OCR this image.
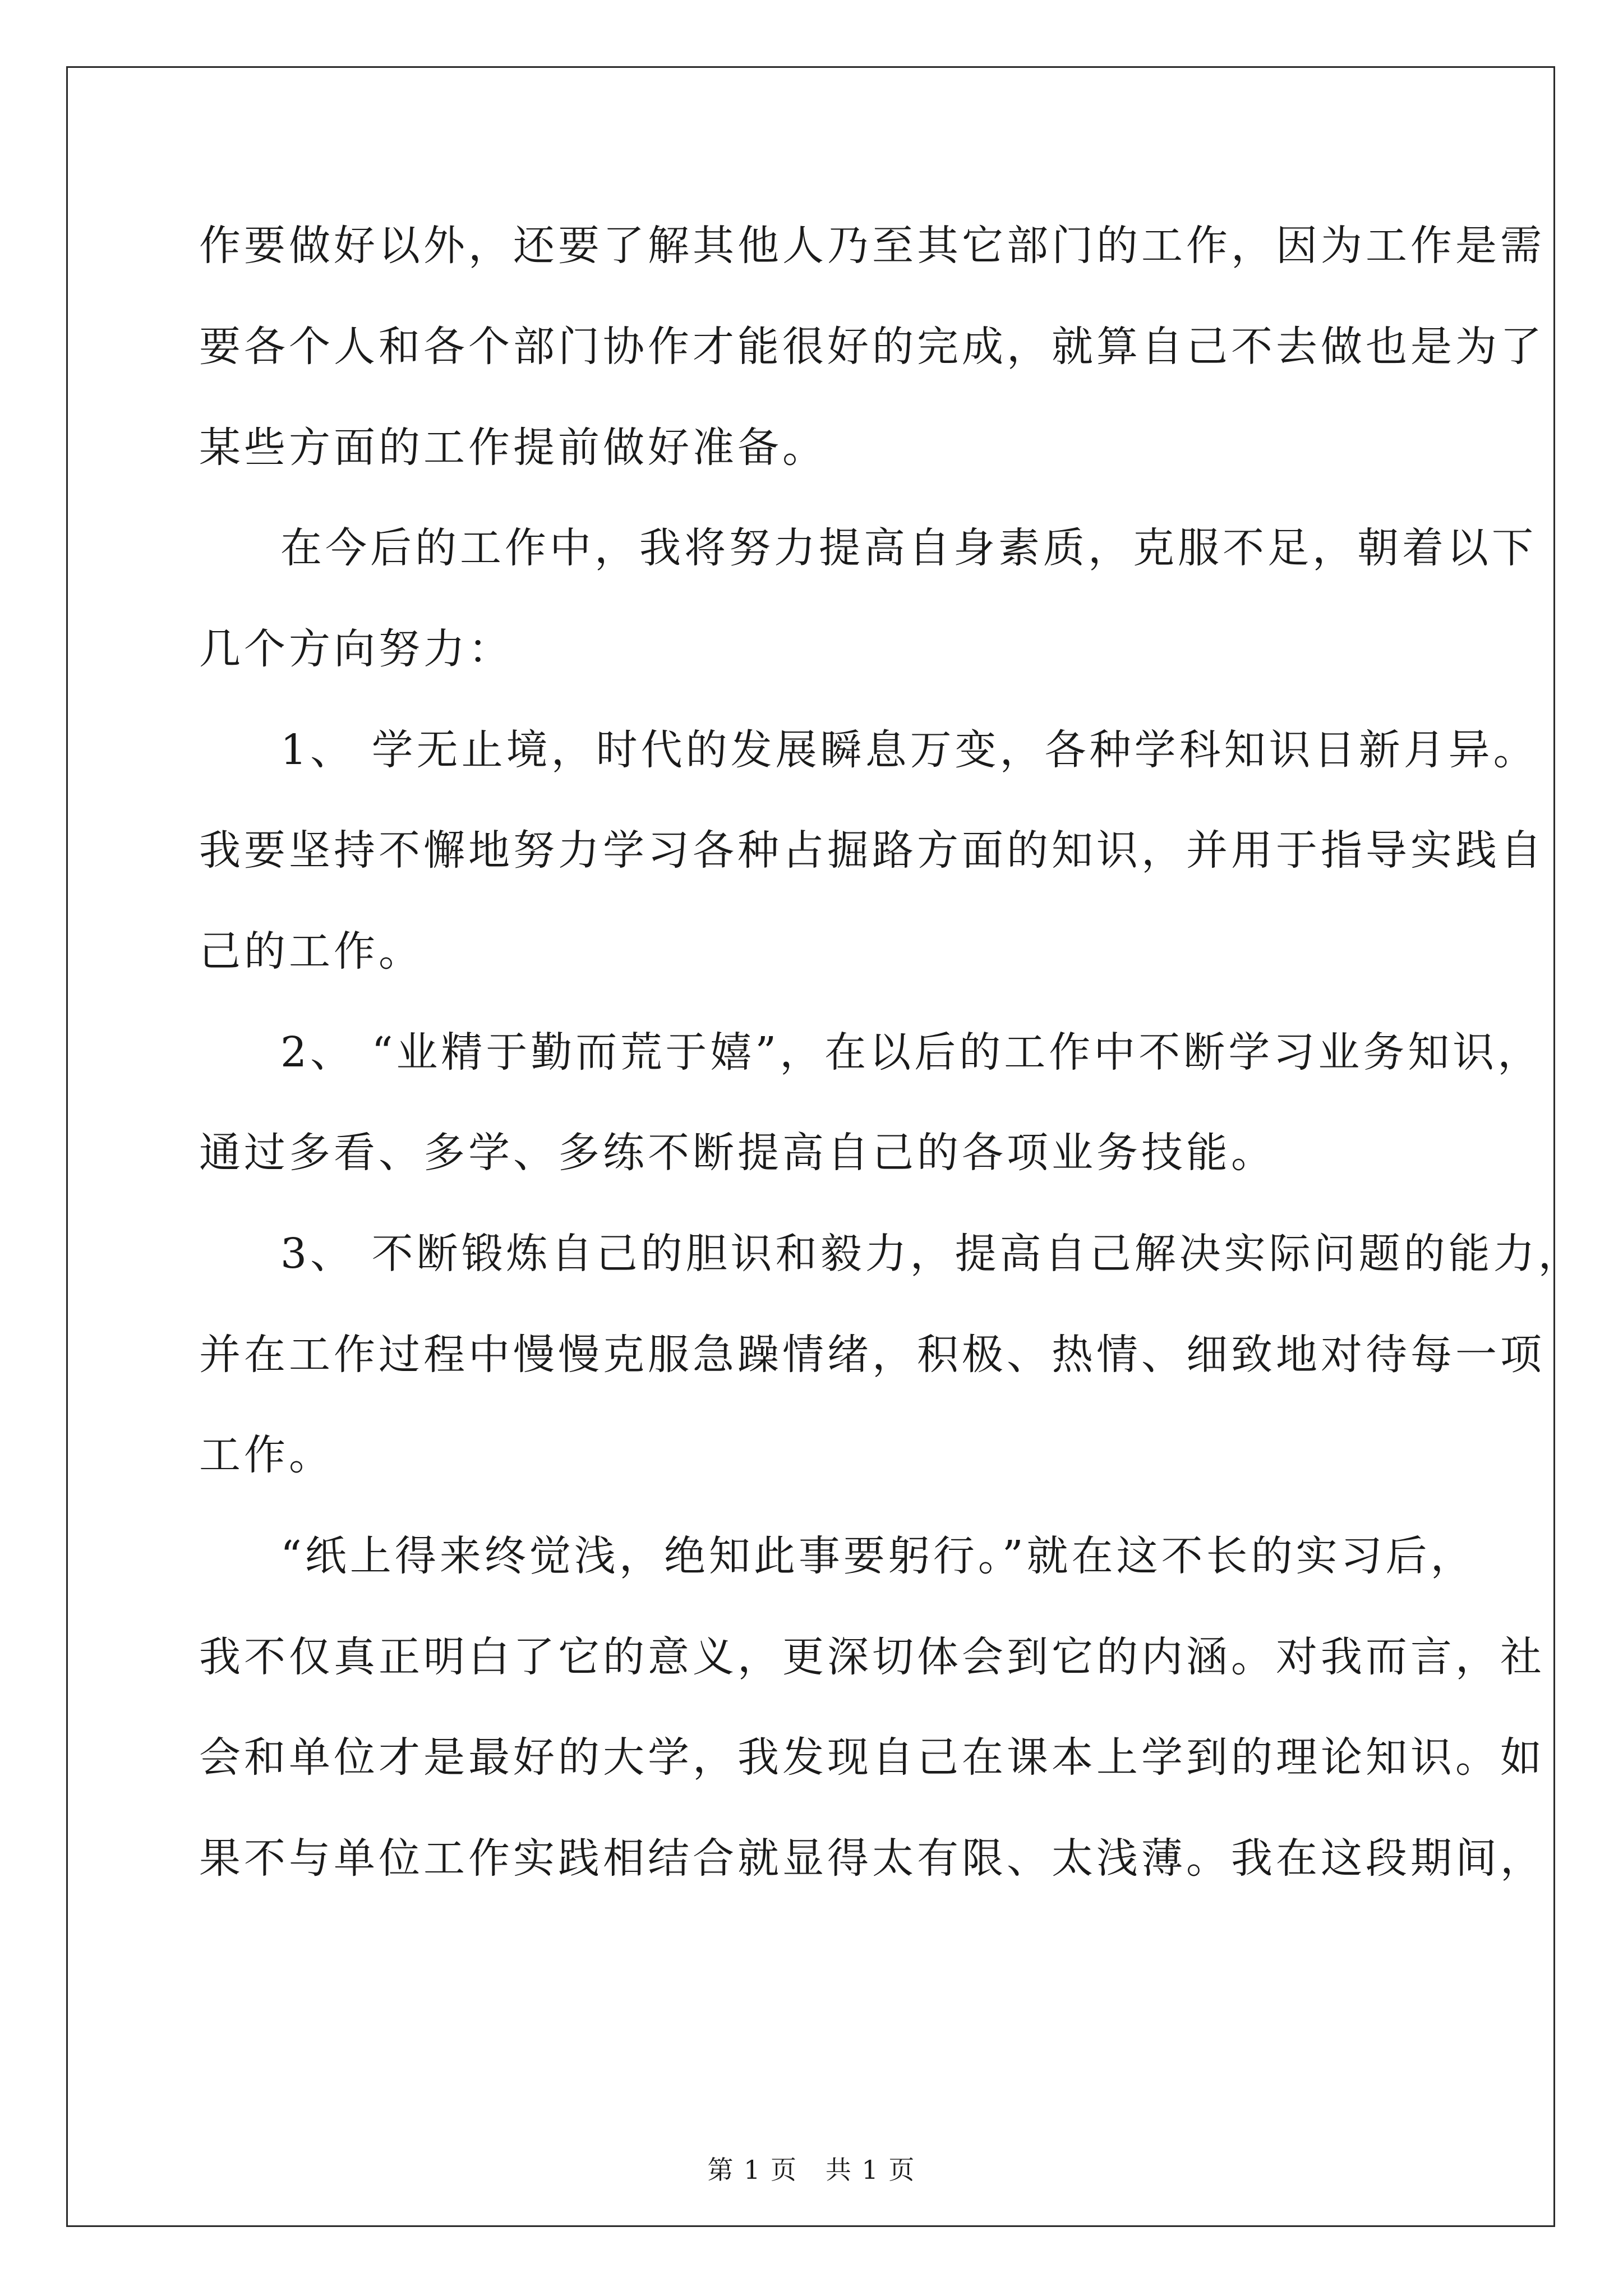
作要做好以外，还要了解其他人乃至其它部门的工作，因为工作是需
要各个人和各个部门协作才能很好的完成，就算自己不去做也是为了
某些方面的工作提前做好准备。
在今后的工作中，我将努力提高自身素质，克服不足，朝着以下
几个方向努力：
1、 学无止境，时代的发展瞬息万变，各种学科知识日新月异。
我要坚持不懈地努力学习各种占掘路方面的知识，并用于指导实践自
己的工作。
2、 “业精于勤而荒于嬉”，在以后的工作中不断学习业务知识，
通过多看、多学、多练不断提高自己的各项业务技能。
3、 不断锻炼自己的胆识和毅力，提高自己解决实际问题的能力，
并在工作过程中慢慢克服急躁情绪，积极、热情、细致地对待每一项
工作。
“纸上得来终觉浅，绝知此事要躬行。”就在这不长的实习后，
我不仅真正明白了它的意义，更深切体会到它的内涵。对我而言，社
会和单位才是最好的大学，我发现自己在课本上学到的理论知识。如
果不与单位工作实践相结合就显得太有限、太浅薄。我在这段期间，
第 1 页   共 1 页
